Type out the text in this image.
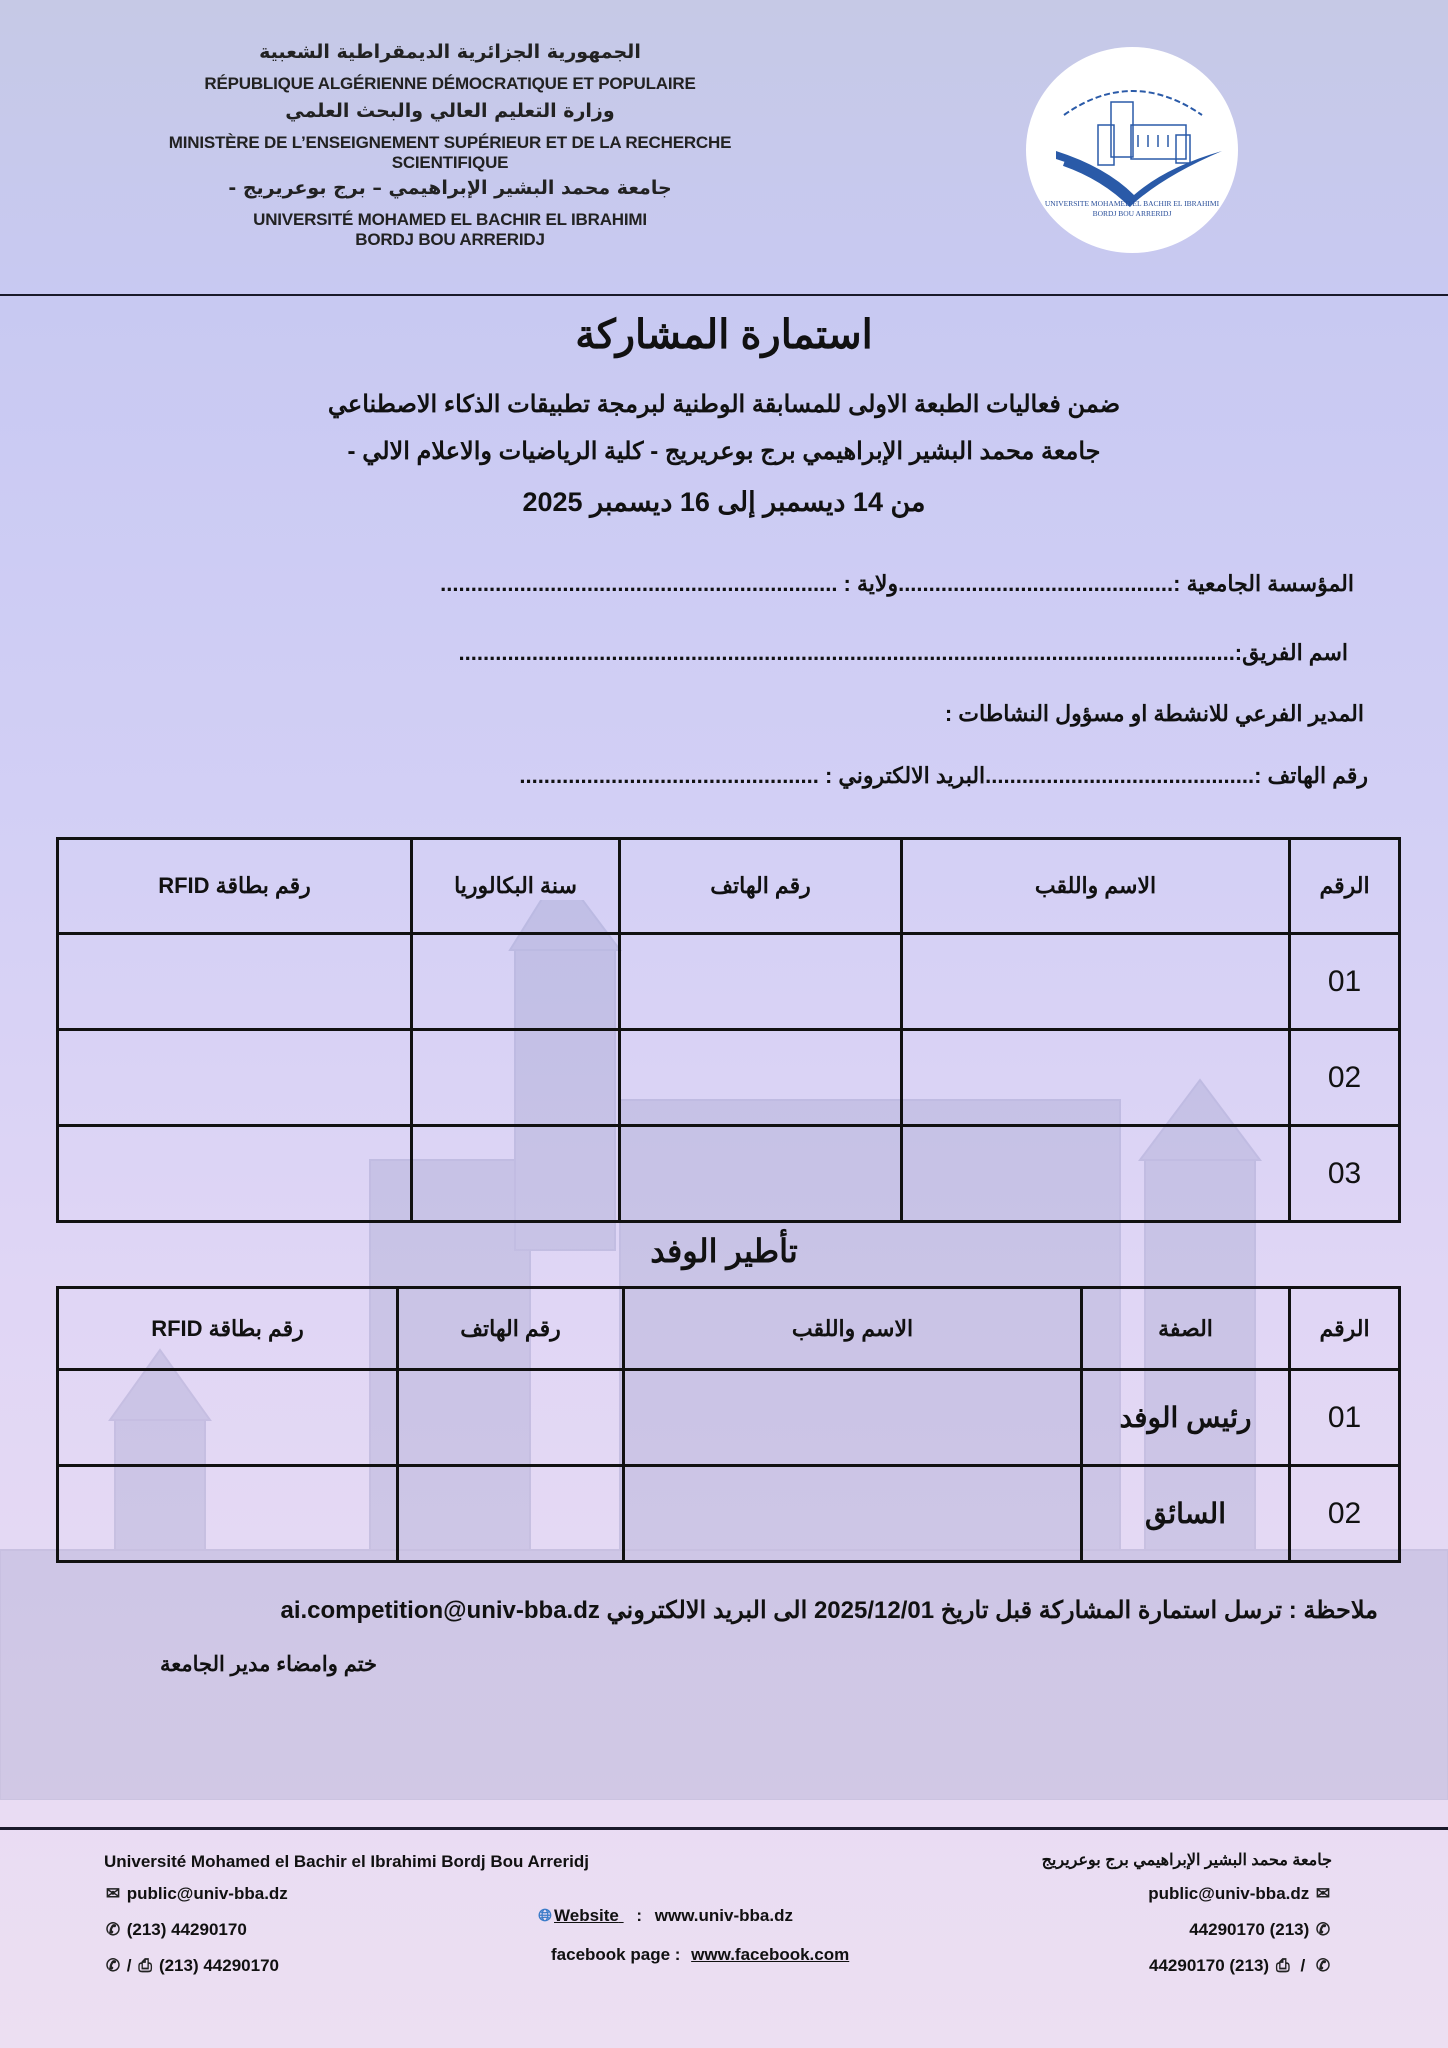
الجمهورية الجزائرية الديمقراطية الشعبية
RÉPUBLIQUE ALGÉRIENNE DÉMOCRATIQUE ET POPULAIRE
وزارة التعليم العالي والبحث العلمي
MINISTÈRE DE L’ENSEIGNEMENT SUPÉRIEUR ET DE LA RECHERCHE
SCIENTIFIQUE
جامعة محمد البشير الإبراهيمي – برج بوعريريج -
UNIVERSITÉ MOHAMED EL BACHIR EL IBRAHIMI
BORDJ BOU ARRERIDJ
UNIVERSITE MOHAMED EL BACHIR EL IBRAHIMI
BORDJ BOU ARRERIDJ
استمارة المشاركة
ضمن فعاليات الطبعة الاولى للمسابقة الوطنية لبرمجة تطبيقات الذكاء الاصطناعي
جامعة محمد البشير الإبراهيمي برج بوعريريج - كلية الرياضيات والاعلام الالي -
من 14 ديسمبر إلى 16 ديسمبر 2025
المؤسسة الجامعية :.............................................ولاية : .................................................................
اسم الفريق:...............................................................................................................................
المدير الفرعي للانشطة او مسؤول النشاطات :
رقم الهاتف :............................................البريد الالكتروني : .................................................
الرقم	الاسم واللقب	رقم الهاتف	سنة البكالوريا	رقم بطاقة RFID
01				
02				
03				
تأطير الوفد
الرقم	الصفة	الاسم واللقب	رقم الهاتف	رقم بطاقة RFID
01	رئيس الوفد			
02	السائق			
ملاحظة : ترسل استمارة المشاركة قبل تاريخ 2025/12/01 الى البريد الالكتروني ai.competition@univ-bba.dz
ختم وامضاء مدير الجامعة
Université Mohamed el Bachir el Ibrahimi Bordj Bou Arreridj
✉ public@univ-bba.dz
✆ (213) 44290170
✆ / ⎙ (213) 44290170
🌐︎ Website : www.univ-bba.dz
facebook page : www.facebook.com
جامعة محمد البشير الإبراهيمي برج بوعريريج
public@univ-bba.dz ✉
44290170 (213) ✆
44290170 (213) ⎙ / ✆
